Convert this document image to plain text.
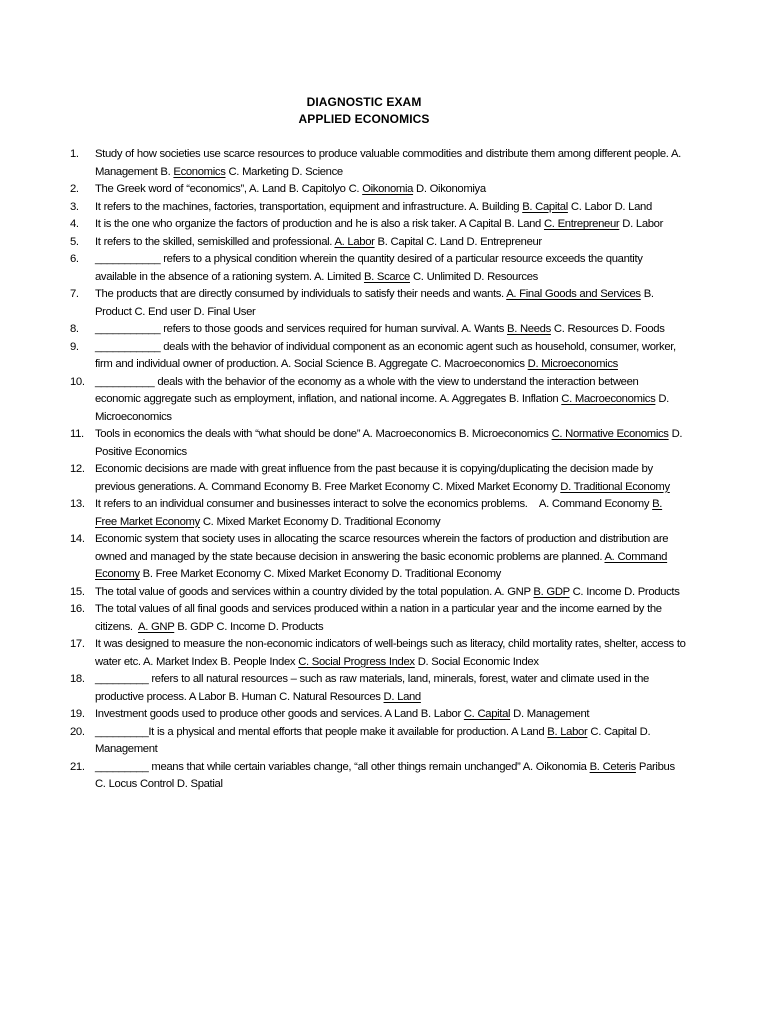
DIAGNOSTIC EXAM
APPLIED ECONOMICS
1. Study of how societies use scarce resources to produce valuable commodities and distribute them among different people. A. Management B. Economics C. Marketing D. Science
2. The Greek word of “economics”, A. Land B. Capitolyo C. Oikonomia D. Oikonomiya
3. It refers to the machines, factories, transportation, equipment and infrastructure. A. Building B. Capital C. Labor D. Land
4. It is the one who organize the factors of production and he is also a risk taker. A Capital B. Land C. Entrepreneur D. Labor
5. It refers to the skilled, semiskilled and professional. A. Labor B. Capital C. Land D. Entrepreneur
6. ___________ refers to a physical condition wherein the quantity desired of a particular resource exceeds the quantity available in the absence of a rationing system. A. Limited B. Scarce C. Unlimited D. Resources
7. The products that are directly consumed by individuals to satisfy their needs and wants. A. Final Goods and Services B. Product C. End user D. Final User
8. ___________ refers to those goods and services required for human survival. A. Wants B. Needs C. Resources D. Foods
9. ___________ deals with the behavior of individual component as an economic agent such as household, consumer, worker, firm and individual owner of production. A. Social Science B. Aggregate C. Macroeconomics D. Microeconomics
10. __________ deals with the behavior of the economy as a whole with the view to understand the interaction between economic aggregate such as employment, inflation, and national income. A. Aggregates B. Inflation C. Macroeconomics D. Microeconomics
11. Tools in economics the deals with “what should be done” A. Macroeconomics B. Microeconomics C. Normative Economics D. Positive Economics
12. Economic decisions are made with great influence from the past because it is copying/duplicating the decision made by previous generations. A. Command Economy B. Free Market Economy C. Mixed Market Economy D. Traditional Economy
13. It refers to an individual consumer and businesses interact to solve the economics problems.    A. Command Economy B. Free Market Economy C. Mixed Market Economy D. Traditional Economy
14. Economic system that society uses in allocating the scarce resources wherein the factors of production and distribution are owned and managed by the state because decision in answering the basic economic problems are planned. A. Command Economy B. Free Market Economy C. Mixed Market Economy D. Traditional Economy
15. The total value of goods and services within a country divided by the total population. A. GNP B. GDP C. Income D. Products
16. The total values of all final goods and services produced within a nation in a particular year and the income earned by the citizens.  A. GNP B. GDP C. Income D. Products
17. It was designed to measure the non-economic indicators of well-beings such as literacy, child mortality rates, shelter, access to water etc. A. Market Index B. People Index C. Social Progress Index D. Social Economic Index
18. _________ refers to all natural resources – such as raw materials, land, minerals, forest, water and climate used in the productive process. A Labor B. Human C. Natural Resources D. Land
19. Investment goods used to produce other goods and services. A Land B. Labor C. Capital D. Management
20. _________It is a physical and mental efforts that people make it available for production. A Land B. Labor C. Capital D. Management
21. _________ means that while certain variables change, “all other things remain unchanged” A. Oikonomia B. Ceteris Paribus C. Locus Control D. Spatial
